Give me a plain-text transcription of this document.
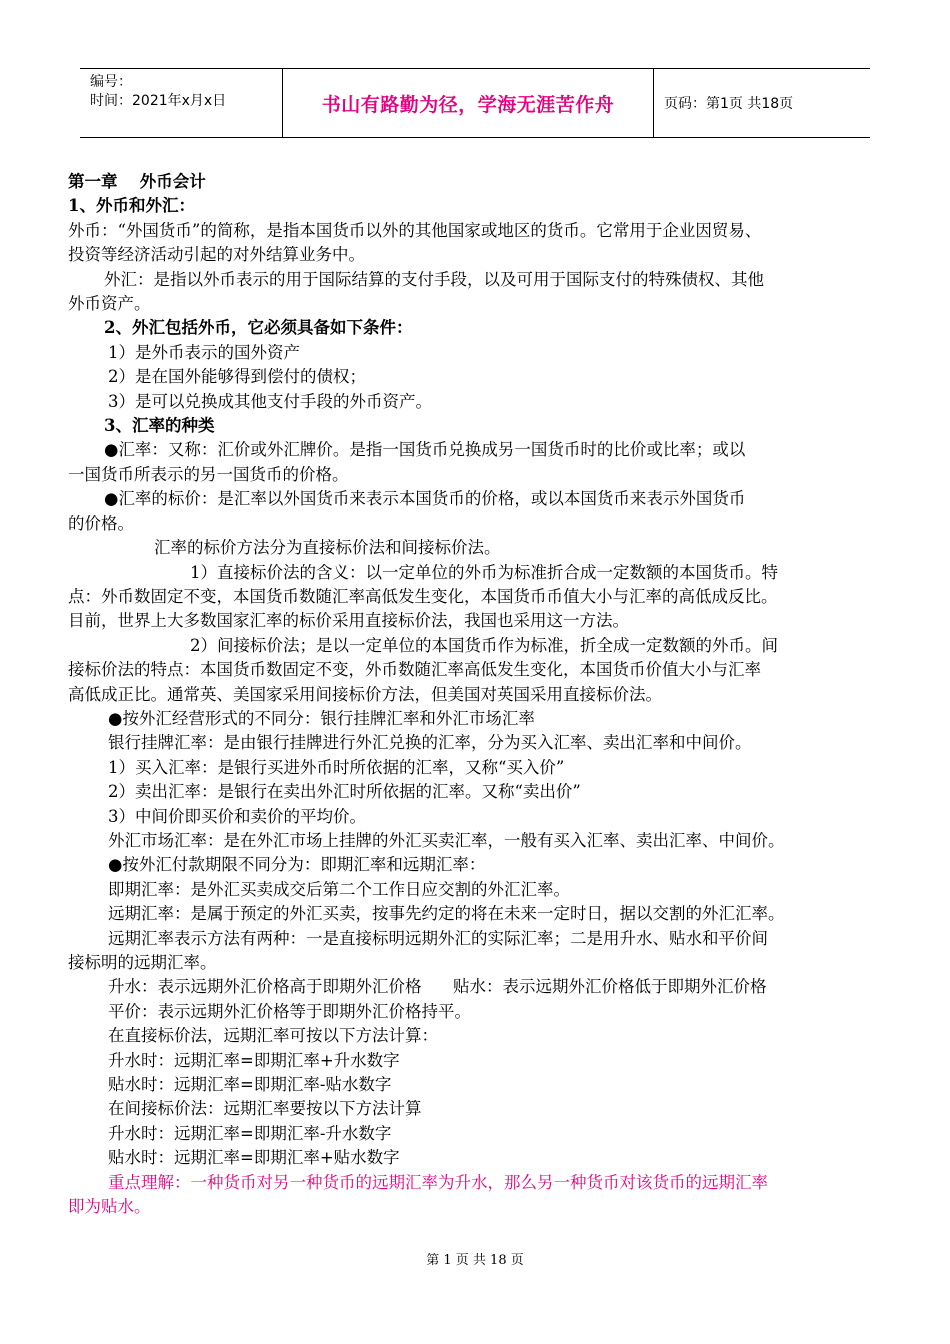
编号：
时间：2021年x月x日	书山有路勤为径，学海无涯苦作舟	页码：第1页 共18页

第一章　 外币会计

1、外币和外汇：

外币：“外国货币”的简称，是指本国货币以外的其他国家或地区的货币。它常用于企业因贸易、

投资等经济活动引起的对外结算业务中。

外汇：是指以外币表示的用于国际结算的支付手段，以及可用于国际支付的特殊债权、其他

外币资产。

2、外汇包括外币，它必须具备如下条件：

1）是外币表示的国外资产

2）是在国外能够得到偿付的债权；

3）是可以兑换成其他支付手段的外币资产。

3、汇率的种类

●汇率：又称：汇价或外汇牌价。是指一国货币兑换成另一国货币时的比价或比率；或以

一国货币所表示的另一国货币的价格。

●汇率的标价：是汇率以外国货币来表示本国货币的价格，或以本国货币来表示外国货币

的价格。

汇率的标价方法分为直接标价法和间接标价法。

1）直接标价法的含义：以一定单位的外币为标准折合成一定数额的本国货币。特

点：外币数固定不变，本国货币数随汇率高低发生变化，本国货币币值大小与汇率的高低成反比。

目前，世界上大多数国家汇率的标价采用直接标价法，我国也采用这一方法。

2）间接标价法；是以一定单位的本国货币作为标准，折全成一定数额的外币。间

接标价法的特点：本国货币数固定不变，外币数随汇率高低发生变化，本国货币价值大小与汇率

高低成正比。通常英、美国家采用间接标价方法，但美国对英国采用直接标价法。

●按外汇经营形式的不同分：银行挂牌汇率和外汇市场汇率

银行挂牌汇率：是由银行挂牌进行外汇兑换的汇率，分为买入汇率、卖出汇率和中间价。

1）买入汇率：是银行买进外币时所依据的汇率，又称“买入价”

2）卖出汇率：是银行在卖出外汇时所依据的汇率。又称“卖出价”

3）中间价即买价和卖价的平均价。

外汇市场汇率：是在外汇市场上挂牌的外汇买卖汇率，一般有买入汇率、卖出汇率、中间价。

●按外汇付款期限不同分为：即期汇率和远期汇率：

即期汇率：是外汇买卖成交后第二个工作日应交割的外汇汇率。

远期汇率：是属于预定的外汇买卖，按事先约定的将在未来一定时日，据以交割的外汇汇率。

远期汇率表示方法有两种：一是直接标明远期外汇的实际汇率；二是用升水、贴水和平价间

接标明的远期汇率。

升水：表示远期外汇价格高于即期外汇价格      贴水：表示远期外汇价格低于即期外汇价格

平价：表示远期外汇价格等于即期外汇价格持平。

在直接标价法，远期汇率可按以下方法计算：

升水时：远期汇率=即期汇率+升水数字

贴水时：远期汇率=即期汇率-贴水数字

在间接标价法：远期汇率要按以下方法计算

升水时：远期汇率=即期汇率-升水数字

贴水时：远期汇率=即期汇率+贴水数字

重点理解：一种货币对另一种货币的远期汇率为升水，那么另一种货币对该货币的远期汇率

即为贴水。

第 1 页 共 18 页
